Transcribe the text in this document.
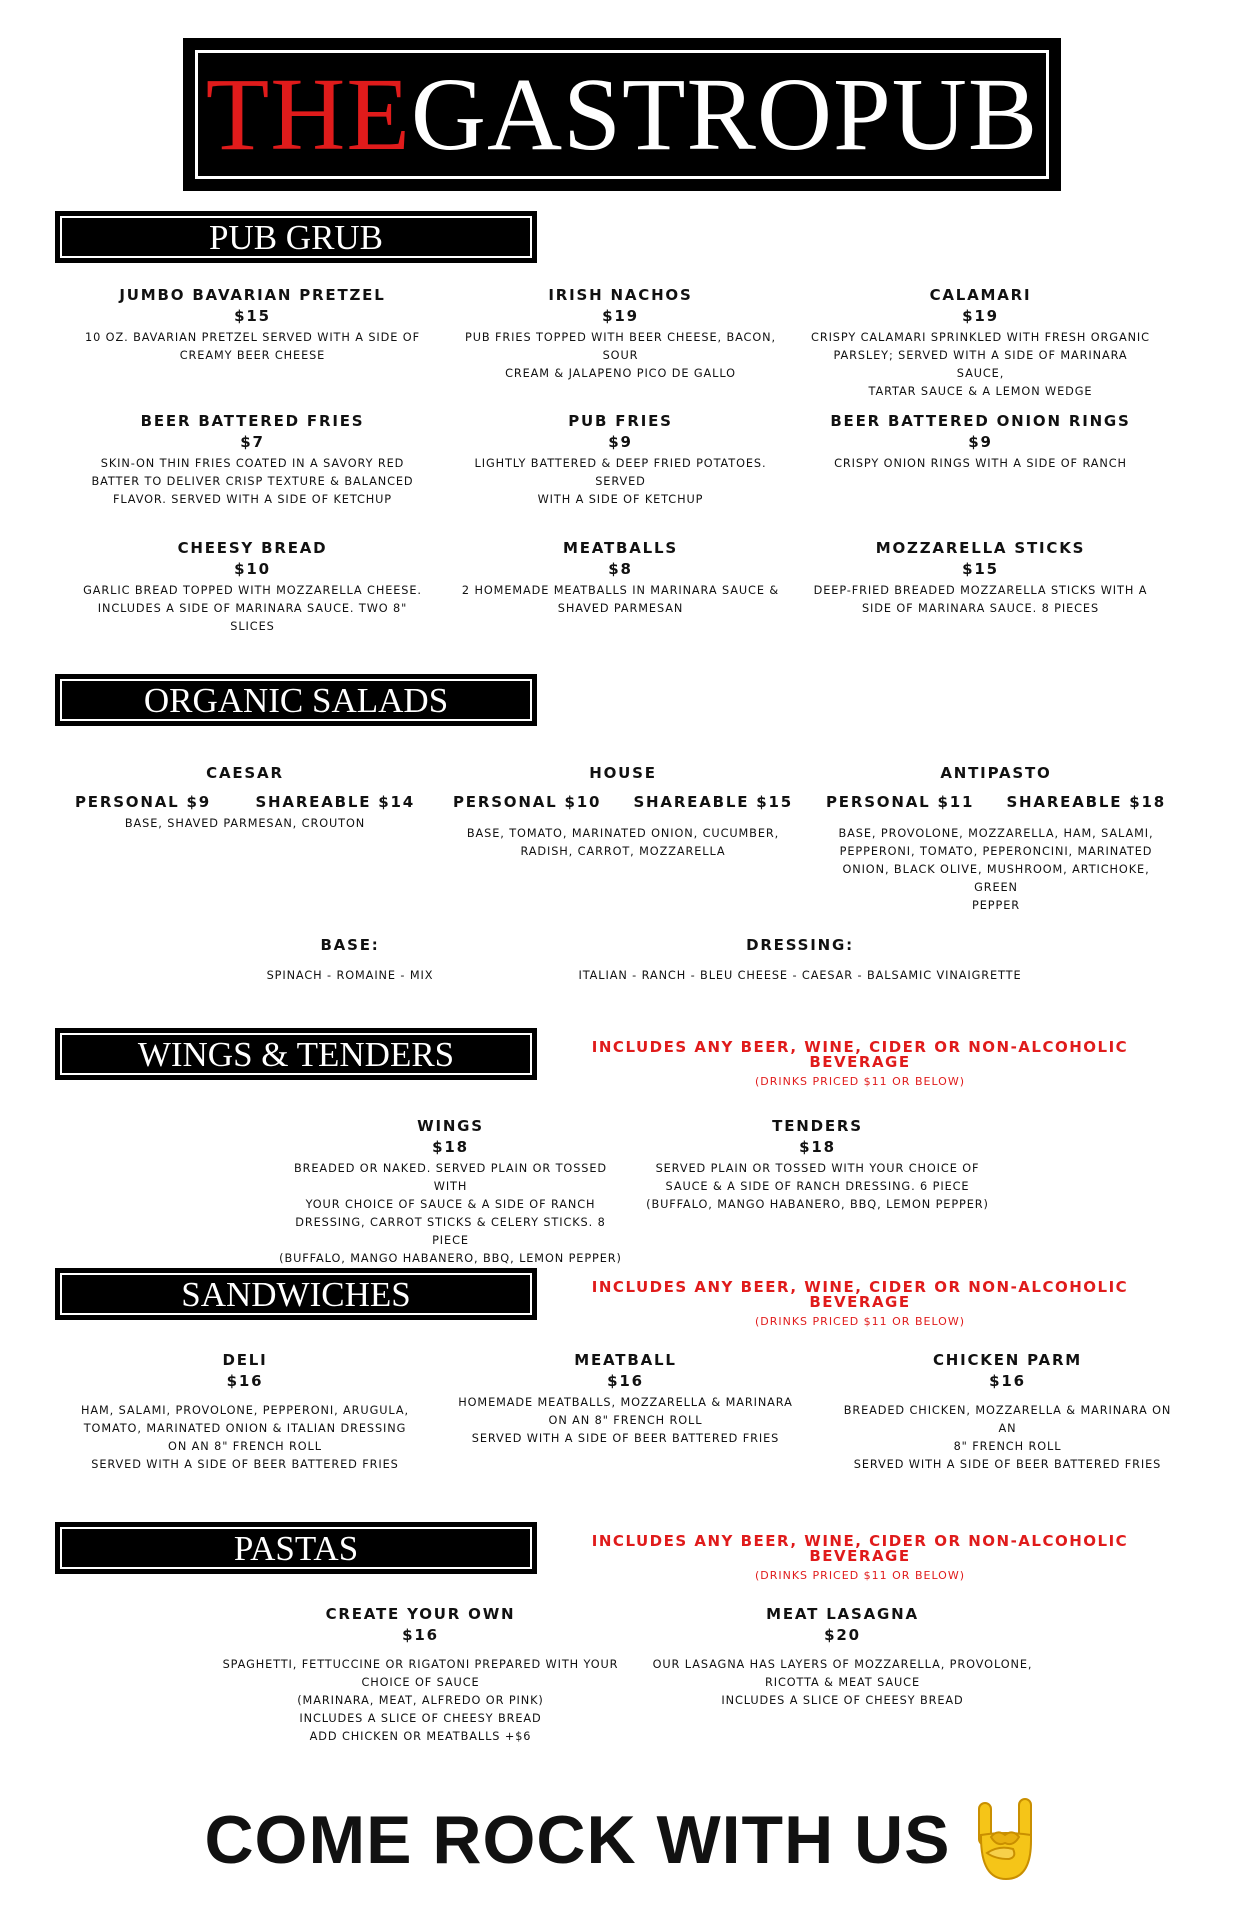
THE GASTROPUB
PUB GRUB
JUMBO BAVARIAN PRETZEL
$15
10 OZ. BAVARIAN PRETZEL SERVED WITH A SIDE OF
CREAMY BEER CHEESE
IRISH NACHOS
$19
PUB FRIES TOPPED WITH BEER CHEESE, BACON, SOUR
CREAM & JALAPENO PICO DE GALLO
CALAMARI
$19
CRISPY CALAMARI SPRINKLED WITH FRESH ORGANIC
PARSLEY; SERVED WITH A SIDE OF MARINARA SAUCE,
TARTAR SAUCE & A LEMON WEDGE
BEER BATTERED FRIES
$7
SKIN-ON THIN FRIES COATED IN A SAVORY RED
BATTER TO DELIVER CRISP TEXTURE & BALANCED
FLAVOR. SERVED WITH A SIDE OF KETCHUP
PUB FRIES
$9
LIGHTLY BATTERED & DEEP FRIED POTATOES. SERVED
WITH A SIDE OF KETCHUP
BEER BATTERED ONION RINGS
$9
CRISPY ONION RINGS WITH A SIDE OF RANCH
CHEESY BREAD
$10
GARLIC BREAD TOPPED WITH MOZZARELLA CHEESE.
INCLUDES A SIDE OF MARINARA SAUCE. TWO 8"
SLICES
MEATBALLS
$8
2 HOMEMADE MEATBALLS IN MARINARA SAUCE &
SHAVED PARMESAN
MOZZARELLA STICKS
$15
DEEP-FRIED BREADED MOZZARELLA STICKS WITH A
SIDE OF MARINARA SAUCE. 8 PIECES
ORGANIC SALADS
CAESAR
PERSONAL $9	SHAREABLE $14
BASE, SHAVED PARMESAN, CROUTON
HOUSE
PERSONAL $10 SHAREABLE $15
BASE, TOMATO, MARINATED ONION, CUCUMBER,
RADISH, CARROT, MOZZARELLA
ANTIPASTO
PERSONAL $11 SHAREABLE $18
BASE, PROVOLONE, MOZZARELLA, HAM, SALAMI,
PEPPERONI, TOMATO, PEPERONCINI, MARINATED
ONION, BLACK OLIVE, MUSHROOM, ARTICHOKE, GREEN
PEPPER
BASE:
SPINACH - ROMAINE - MIX
DRESSING:
ITALIAN - RANCH - BLEU CHEESE - CAESAR - BALSAMIC VINAIGRETTE
WINGS & TENDERS	INCLUDES ANY BEER, WINE, CIDER OR NON-ALCOHOLIC BEVERAGE
(DRINKS PRICED $11 OR BELOW)
WINGS
$18
BREADED OR NAKED. SERVED PLAIN OR TOSSED WITH
YOUR CHOICE OF SAUCE & A SIDE OF RANCH
DRESSING, CARROT STICKS & CELERY STICKS. 8 PIECE
(BUFFALO, MANGO HABANERO, BBQ, LEMON PEPPER)
TENDERS
$18
SERVED PLAIN OR TOSSED WITH YOUR CHOICE OF
SAUCE & A SIDE OF RANCH DRESSING. 6 PIECE
(BUFFALO, MANGO HABANERO, BBQ, LEMON PEPPER)
SANDWICHES	INCLUDES ANY BEER, WINE, CIDER OR NON-ALCOHOLIC BEVERAGE
(DRINKS PRICED $11 OR BELOW)
DELI
$16
HAM, SALAMI, PROVOLONE, PEPPERONI, ARUGULA,
TOMATO, MARINATED ONION & ITALIAN DRESSING
ON AN 8" FRENCH ROLL
SERVED WITH A SIDE OF BEER BATTERED FRIES
MEATBALL
$16
HOMEMADE MEATBALLS, MOZZARELLA & MARINARA
ON AN 8" FRENCH ROLL
SERVED WITH A SIDE OF BEER BATTERED FRIES
CHICKEN PARM
$16
BREADED CHICKEN, MOZZARELLA & MARINARA ON AN
8" FRENCH ROLL
SERVED WITH A SIDE OF BEER BATTERED FRIES
PASTAS	INCLUDES ANY BEER, WINE, CIDER OR NON-ALCOHOLIC BEVERAGE
(DRINKS PRICED $11 OR BELOW)
CREATE YOUR OWN
$16
SPAGHETTI, FETTUCCINE OR RIGATONI PREPARED WITH YOUR
CHOICE OF SAUCE
(MARINARA, MEAT, ALFREDO OR PINK)
INCLUDES A SLICE OF CHEESY BREAD
ADD CHICKEN OR MEATBALLS +$6
MEAT LASAGNA
$20
OUR LASAGNA HAS LAYERS OF MOZZARELLA, PROVOLONE,
RICOTTA & MEAT SAUCE
INCLUDES A SLICE OF CHEESY BREAD
COME ROCK WITH US
